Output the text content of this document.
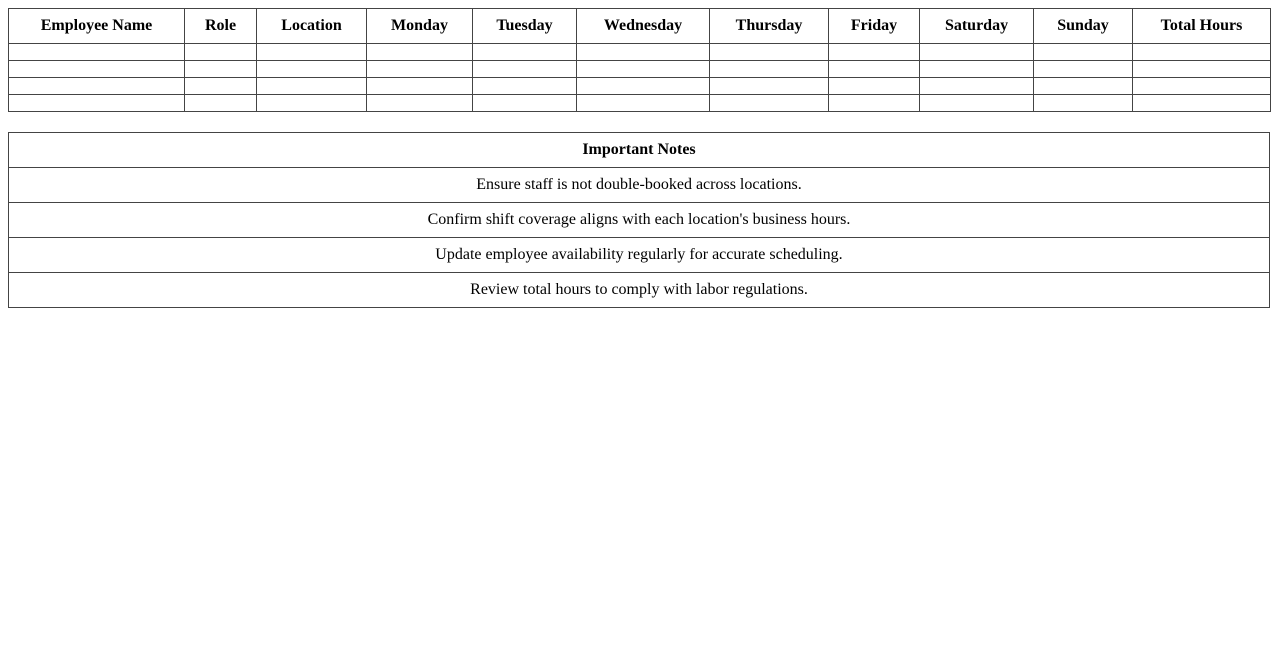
Employee Name	Role	Location	Monday	Tuesday	Wednesday	Thursday	Friday	Saturday	Sunday	Total Hours

Important Notes
Ensure staff is not double-booked across locations.
Confirm shift coverage aligns with each location's business hours.
Update employee availability regularly for accurate scheduling.
Review total hours to comply with labor regulations.
